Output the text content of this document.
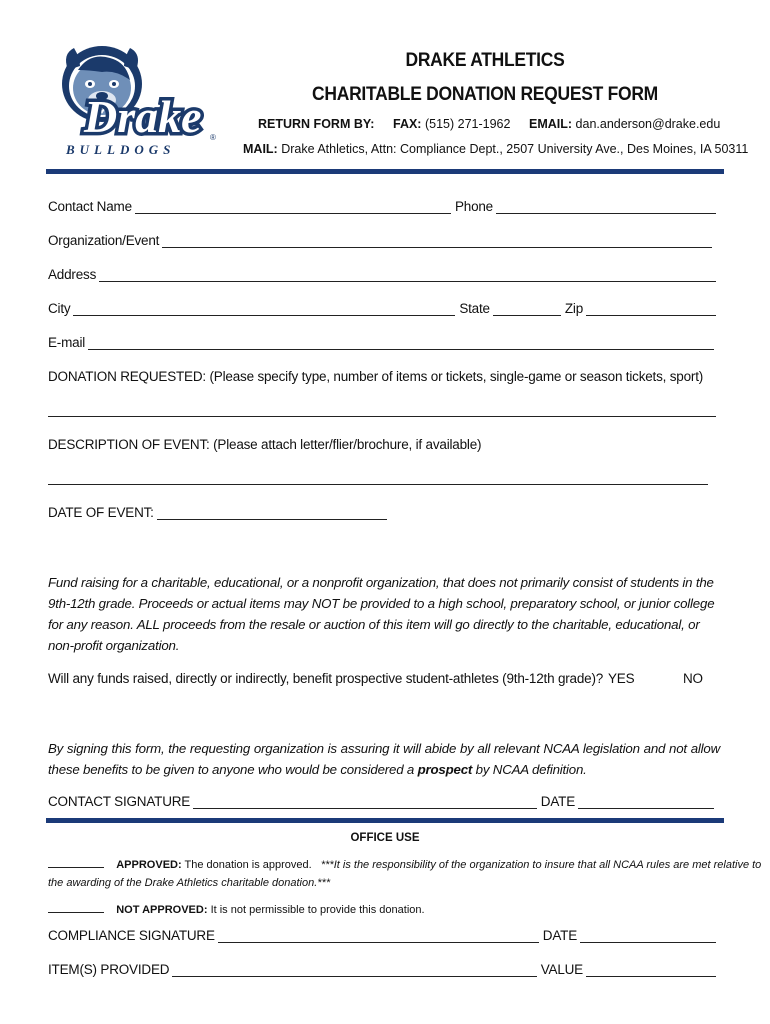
Drake ®
BULLDOGS
DRAKE ATHLETICS
CHARITABLE DONATION REQUEST FORM
RETURN FORM BY: FAX: (515) 271-1962 EMAIL: dan.anderson@drake.edu
MAIL: Drake Athletics, Attn: Compliance Dept., 2507 University Ave., Des Moines, IA 50311
Contact Name	Phone
Organization/Event
Address
City	State	Zip
E-mail
DONATION REQUESTED: (Please specify type, number of items or tickets, single-game or season tickets, sport)
DESCRIPTION OF EVENT: (Please attach letter/flier/brochure, if available)
DATE OF EVENT:
Fund raising for a charitable, educational, or a nonprofit organization, that does not primarily consist of students in the 9th-12th grade. Proceeds or actual items may NOT be provided to a high school, preparatory school, or junior college for any reason. ALL proceeds from the resale or auction of this item will go directly to the charitable, educational, or non-profit organization.
Will any funds raised, directly or indirectly, benefit prospective student-athletes (9th-12th grade)? YES	NO
By signing this form, the requesting organization is assuring it will abide by all relevant NCAA legislation and not allow these benefits to be given to anyone who would be considered a prospect by NCAA definition.
CONTACT SIGNATURE	DATE
OFFICE USE
APPROVED: The donation is approved. ***It is the responsibility of the organization to insure that all NCAA rules are met relative to
the awarding of the Drake Athletics charitable donation.***
NOT APPROVED: It is not permissible to provide this donation.
COMPLIANCE SIGNATURE	DATE
ITEM(S) PROVIDED	VALUE
